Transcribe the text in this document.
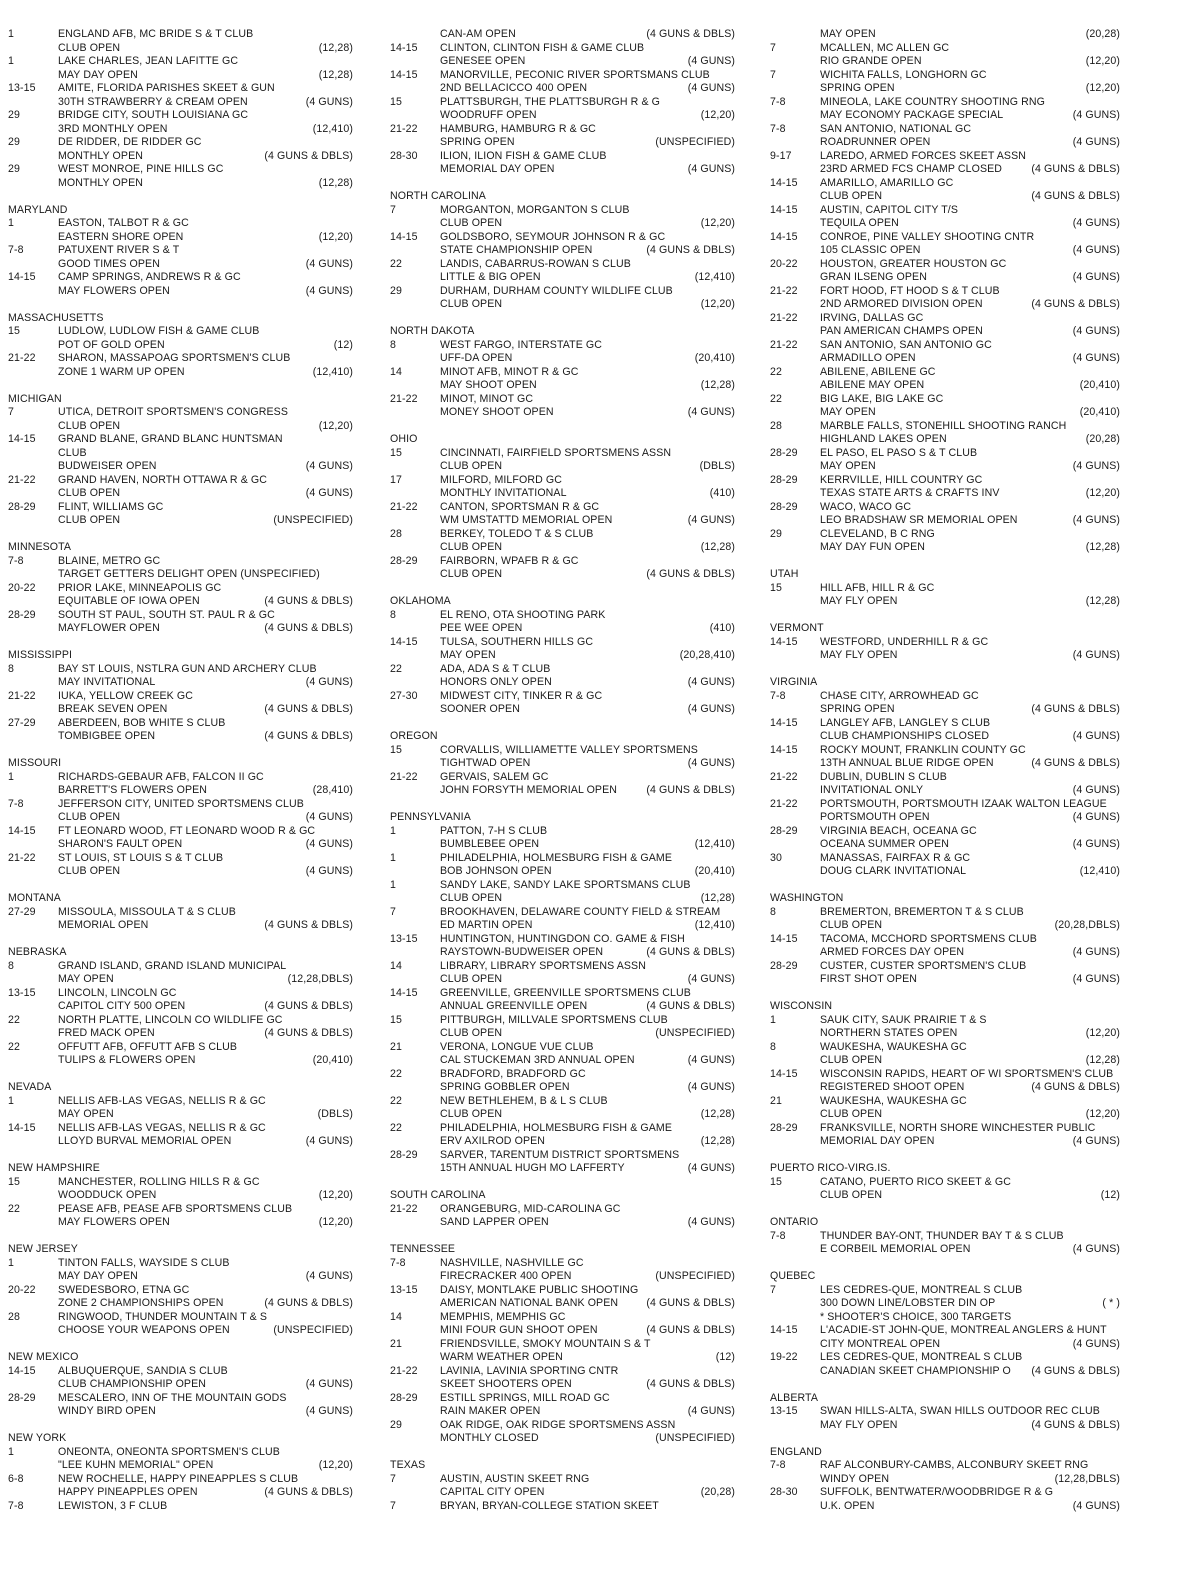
1	ENGLAND AFB, MC BRIDE S & T CLUB
CLUB OPEN	(12,28)
1	LAKE CHARLES, JEAN LAFITTE GC
MAY DAY OPEN	(12,28)
13-15 AMITE, FLORIDA PARISHES SKEET & GUN
30TH STRAWBERRY & CREAM OPEN	(4 GUNS)
29	BRIDGE CITY, SOUTH LOUISIANA GC
3RD MONTHLY OPEN	(12,410)
29	DE RIDDER, DE RIDDER GC
MONTHLY OPEN	(4 GUNS & DBLS)
29	WEST MONROE, PINE HILLS GC
MONTHLY OPEN	(12,28)
MARYLAND
1	EASTON, TALBOT R & GC
EASTERN SHORE OPEN	(12,20)
7-8	PATUXENT RIVER S & T
GOOD TIMES OPEN	(4 GUNS)
14-15 CAMP SPRINGS, ANDREWS R & GC
MAY FLOWERS OPEN	(4 GUNS)
MASSACHUSETTS
15	LUDLOW, LUDLOW FISH & GAME CLUB
POT OF GOLD OPEN	(12)
21-22 SHARON, MASSAPOAG SPORTSMEN'S CLUB
ZONE 1 WARM UP OPEN	(12,410)
MICHIGAN
7	UTICA, DETROIT SPORTSMEN'S CONGRESS
CLUB OPEN	(12,20)
14-15 GRAND BLANE, GRAND BLANC HUNTSMAN
CLUB
BUDWEISER OPEN	(4 GUNS)
21-22 GRAND HAVEN, NORTH OTTAWA R & GC
CLUB OPEN	(4 GUNS)
28-29 FLINT, WILLIAMS GC
CLUB OPEN	(UNSPECIFIED)
MINNESOTA
7-8	BLAINE, METRO GC
TARGET GETTERS DELIGHT OPEN (UNSPECIFIED)
20-22 PRIOR LAKE, MINNEAPOLIS GC
EQUITABLE OF IOWA OPEN	(4 GUNS & DBLS)
28-29 SOUTH ST PAUL, SOUTH ST. PAUL R & GC
MAYFLOWER OPEN	(4 GUNS & DBLS)
MISSISSIPPI
8	BAY ST LOUIS, NSTLRA GUN AND ARCHERY CLUB
MAY INVITATIONAL	(4 GUNS)
21-22 IUKA, YELLOW CREEK GC
BREAK SEVEN OPEN	(4 GUNS & DBLS)
27-29 ABERDEEN, BOB WHITE S CLUB
TOMBIGBEE OPEN	(4 GUNS & DBLS)
MISSOURI
1	RICHARDS-GEBAUR AFB, FALCON II GC
BARRETT'S FLOWERS OPEN	(28,410)
7-8	JEFFERSON CITY, UNITED SPORTSMENS CLUB
CLUB OPEN	(4 GUNS)
14-15 FT LEONARD WOOD, FT LEONARD WOOD R & GC
SHARON'S FAULT OPEN	(4 GUNS)
21-22 ST LOUIS, ST LOUIS S & T CLUB
CLUB OPEN	(4 GUNS)
MONTANA
27-29 MISSOULA, MISSOULA T & S CLUB
MEMORIAL OPEN	(4 GUNS & DBLS)
NEBRASKA
8	GRAND ISLAND, GRAND ISLAND MUNICIPAL
MAY OPEN	(12,28,DBLS)
13-15 LINCOLN, LINCOLN GC
CAPITOL CITY 500 OPEN	(4 GUNS & DBLS)
22	NORTH PLATTE, LINCOLN CO WILDLIFE GC
FRED MACK OPEN	(4 GUNS & DBLS)
22	OFFUTT AFB, OFFUTT AFB S CLUB
TULIPS & FLOWERS OPEN	(20,410)
NEVADA
1	NELLIS AFB-LAS VEGAS, NELLIS R & GC
MAY OPEN	(DBLS)
14-15 NELLIS AFB-LAS VEGAS, NELLIS R & GC
LLOYD BURVAL MEMORIAL OPEN	(4 GUNS)
NEW HAMPSHIRE
15	MANCHESTER, ROLLING HILLS R & GC
WOODDUCK OPEN	(12,20)
22	PEASE AFB, PEASE AFB SPORTSMENS CLUB
MAY FLOWERS OPEN	(12,20)
NEW JERSEY
1	TINTON FALLS, WAYSIDE S CLUB
MAY DAY OPEN	(4 GUNS)
20-22 SWEDESBORO, ETNA GC
ZONE 2 CHAMPIONSHIPS OPEN	(4 GUNS & DBLS)
28	RINGWOOD, THUNDER MOUNTAIN T & S
CHOOSE YOUR WEAPONS OPEN	(UNSPECIFIED)
NEW MEXICO
14-15 ALBUQUERQUE, SANDIA S CLUB
CLUB CHAMPIONSHIP OPEN	(4 GUNS)
28-29 MESCALERO, INN OF THE MOUNTAIN GODS
WINDY BIRD OPEN	(4 GUNS)
NEW YORK
1	ONEONTA, ONEONTA SPORTSMEN'S CLUB
"LEE KUHN MEMORIAL" OPEN	(12,20)
6-8	NEW ROCHELLE, HAPPY PINEAPPLES S CLUB
HAPPY PINEAPPLES OPEN	(4 GUNS & DBLS)
7-8	LEWISTON, 3 F CLUB
CAN-AM OPEN	(4 GUNS & DBLS)
14-15 CLINTON, CLINTON FISH & GAME CLUB
GENESEE OPEN	(4 GUNS)
14-15 MANORVILLE, PECONIC RIVER SPORTSMANS CLUB
2ND BELLACICCO 400 OPEN	(4 GUNS)
15	PLATTSBURGH, THE PLATTSBURGH R & G
WOODRUFF OPEN	(12,20)
21-22 HAMBURG, HAMBURG R & GC
SPRING OPEN	(UNSPECIFIED)
28-30 ILION, ILION FISH & GAME CLUB
MEMORIAL DAY OPEN	(4 GUNS)
NORTH CAROLINA
7	MORGANTON, MORGANTON S CLUB
CLUB OPEN	(12,20)
14-15 GOLDSBORO, SEYMOUR JOHNSON R & GC
STATE CHAMPIONSHIP OPEN	(4 GUNS & DBLS)
22	LANDIS, CABARRUS-ROWAN S CLUB
LITTLE & BIG OPEN	(12,410)
29	DURHAM, DURHAM COUNTY WILDLIFE CLUB
CLUB OPEN	(12,20)
NORTH DAKOTA
8	WEST FARGO, INTERSTATE GC
UFF-DA OPEN	(20,410)
14	MINOT AFB, MINOT R & GC
MAY SHOOT OPEN	(12,28)
21-22 MINOT, MINOT GC
MONEY SHOOT OPEN	(4 GUNS)
OHIO
15	CINCINNATI, FAIRFIELD SPORTSMENS ASSN
CLUB OPEN	(DBLS)
17	MILFORD, MILFORD GC
MONTHLY INVITATIONAL	(410)
21-22 CANTON, SPORTSMAN R & GC
WM UMSTATTD MEMORIAL OPEN	(4 GUNS)
28	BERKEY, TOLEDO T & S CLUB
CLUB OPEN	(12,28)
28-29 FAIRBORN, WPAFB R & GC
CLUB OPEN	(4 GUNS & DBLS)
OKLAHOMA
8	EL RENO, OTA SHOOTING PARK
PEE WEE OPEN	(410)
14-15 TULSA, SOUTHERN HILLS GC
MAY OPEN	(20,28,410)
22	ADA, ADA S & T CLUB
HONORS ONLY OPEN	(4 GUNS)
27-30 MIDWEST CITY, TINKER R & GC
SOONER OPEN	(4 GUNS)
OREGON
15	CORVALLIS, WILLIAMETTE VALLEY SPORTSMENS
TIGHTWAD OPEN	(4 GUNS)
21-22 GERVAIS, SALEM GC
JOHN FORSYTH MEMORIAL OPEN	(4 GUNS & DBLS)
PENNSYLVANIA
1	PATTON, 7-H S CLUB
BUMBLEBEE OPEN	(12,410)
1	PHILADELPHIA, HOLMESBURG FISH & GAME
BOB JOHNSON OPEN	(20,410)
1	SANDY LAKE, SANDY LAKE SPORTSMANS CLUB
CLUB OPEN	(12,28)
7	BROOKHAVEN, DELAWARE COUNTY FIELD & STREAM
ED MARTIN OPEN	(12,410)
13-15 HUNTINGTON, HUNTINGDON CO. GAME & FISH
RAYSTOWN-BUDWEISER OPEN	(4 GUNS & DBLS)
14	LIBRARY, LIBRARY SPORTSMENS ASSN
CLUB OPEN	(4 GUNS)
14-15 GREENVILLE, GREENVILLE SPORTSMENS CLUB
ANNUAL GREENVILLE OPEN	(4 GUNS & DBLS)
15	PITTBURGH, MILLVALE SPORTSMENS CLUB
CLUB OPEN	(UNSPECIFIED)
21	VERONA, LONGUE VUE CLUB
CAL STUCKEMAN 3RD ANNUAL OPEN	(4 GUNS)
22	BRADFORD, BRADFORD GC
SPRING GOBBLER OPEN	(4 GUNS)
22	NEW BETHLEHEM, B & L S CLUB
CLUB OPEN	(12,28)
22	PHILADELPHIA, HOLMESBURG FISH & GAME
ERV AXILROD OPEN	(12,28)
28-29 SARVER, TARENTUM DISTRICT SPORTSMENS
15TH ANNUAL HUGH MO LAFFERTY	(4 GUNS)
SOUTH CAROLINA
21-22 ORANGEBURG, MID-CAROLINA GC
SAND LAPPER OPEN	(4 GUNS)
TENNESSEE
7-8	NASHVILLE, NASHVILLE GC
FIRECRACKER 400 OPEN	(UNSPECIFIED)
13-15 DAISY, MONTLAKE PUBLIC SHOOTING
AMERICAN NATIONAL BANK OPEN	(4 GUNS & DBLS)
14	MEMPHIS, MEMPHIS GC
MINI FOUR GUN SHOOT OPEN	(4 GUNS & DBLS)
21	FRIENDSVILLE, SMOKY MOUNTAIN S & T
WARM WEATHER OPEN	(12)
21-22 LAVINIA, LAVINIA SPORTING CNTR
SKEET SHOOTERS OPEN	(4 GUNS & DBLS)
28-29 ESTILL SPRINGS, MILL ROAD GC
RAIN MAKER OPEN	(4 GUNS)
29	OAK RIDGE, OAK RIDGE SPORTSMENS ASSN
MONTHLY CLOSED	(UNSPECIFIED)
TEXAS
7	AUSTIN, AUSTIN SKEET RNG
CAPITAL CITY OPEN	(20,28)
7	BRYAN, BRYAN-COLLEGE STATION SKEET
MAY OPEN	(20,28)
7	MCALLEN, MC ALLEN GC
RIO GRANDE OPEN	(12,20)
7	WICHITA FALLS, LONGHORN GC
SPRING OPEN	(12,20)
7-8	MINEOLA, LAKE COUNTRY SHOOTING RNG
MAY ECONOMY PACKAGE SPECIAL	(4 GUNS)
7-8	SAN ANTONIO, NATIONAL GC
ROADRUNNER OPEN	(4 GUNS)
9-17	LAREDO, ARMED FORCES SKEET ASSN
23RD ARMED FCS CHAMP CLOSED	(4 GUNS & DBLS)
14-15 AMARILLO, AMARILLO GC
CLUB OPEN	(4 GUNS & DBLS)
14-15 AUSTIN, CAPITOL CITY T/S
TEQUILA OPEN	(4 GUNS)
14-15 CONROE, PINE VALLEY SHOOTING CNTR
105 CLASSIC OPEN	(4 GUNS)
20-22 HOUSTON, GREATER HOUSTON GC
GRAN ILSENG OPEN	(4 GUNS)
21-22 FORT HOOD, FT HOOD S & T CLUB
2ND ARMORED DIVISION OPEN	(4 GUNS & DBLS)
21-22 IRVING, DALLAS GC
PAN AMERICAN CHAMPS OPEN	(4 GUNS)
21-22 SAN ANTONIO, SAN ANTONIO GC
ARMADILLO OPEN	(4 GUNS)
22	ABILENE, ABILENE GC
ABILENE MAY OPEN	(20,410)
22	BIG LAKE, BIG LAKE GC
MAY OPEN	(20,410)
28	MARBLE FALLS, STONEHILL SHOOTING RANCH
HIGHLAND LAKES OPEN	(20,28)
28-29 EL PASO, EL PASO S & T CLUB
MAY OPEN	(4 GUNS)
28-29 KERRVILLE, HILL COUNTRY GC
TEXAS STATE ARTS & CRAFTS INV	(12,20)
28-29 WACO, WACO GC
LEO BRADSHAW SR MEMORIAL OPEN	(4 GUNS)
29	CLEVELAND, B C RNG
MAY DAY FUN OPEN	(12,28)
UTAH
15	HILL AFB, HILL R & GC
MAY FLY OPEN	(12,28)
VERMONT
14-15 WESTFORD, UNDERHILL R & GC
MAY FLY OPEN	(4 GUNS)
VIRGINIA
7-8	CHASE CITY, ARROWHEAD GC
SPRING OPEN	(4 GUNS & DBLS)
14-15 LANGLEY AFB, LANGLEY S CLUB
CLUB CHAMPIONSHIPS CLOSED	(4 GUNS)
14-15 ROCKY MOUNT, FRANKLIN COUNTY GC
13TH ANNUAL BLUE RIDGE OPEN	(4 GUNS & DBLS)
21-22 DUBLIN, DUBLIN S CLUB
INVITATIONAL ONLY	(4 GUNS)
21-22 PORTSMOUTH, PORTSMOUTH IZAAK WALTON LEAGUE
PORTSMOUTH OPEN	(4 GUNS)
28-29 VIRGINIA BEACH, OCEANA GC
OCEANA SUMMER OPEN	(4 GUNS)
30	MANASSAS, FAIRFAX R & GC
DOUG CLARK INVITATIONAL	(12,410)
WASHINGTON
8	BREMERTON, BREMERTON T & S CLUB
CLUB OPEN	(20,28,DBLS)
14-15 TACOMA, MCCHORD SPORTSMENS CLUB
ARMED FORCES DAY OPEN	(4 GUNS)
28-29 CUSTER, CUSTER SPORTSMEN'S CLUB
FIRST SHOT OPEN	(4 GUNS)
WISCONSIN
1	SAUK CITY, SAUK PRAIRIE T & S
NORTHERN STATES OPEN	(12,20)
8	WAUKESHA, WAUKESHA GC
CLUB OPEN	(12,28)
14-15 WISCONSIN RAPIDS, HEART OF WI SPORTSMEN'S CLUB
REGISTERED SHOOT OPEN	(4 GUNS & DBLS)
21	WAUKESHA, WAUKESHA GC
CLUB OPEN	(12,20)
28-29 FRANKSVILLE, NORTH SHORE WINCHESTER PUBLIC
MEMORIAL DAY OPEN	(4 GUNS)
PUERTO RICO-VIRG.IS.
15	CATANO, PUERTO RICO SKEET & GC
CLUB OPEN	(12)
ONTARIO
7-8	THUNDER BAY-ONT, THUNDER BAY T & S CLUB
E CORBEIL MEMORIAL OPEN	(4 GUNS)
QUEBEC
7	LES CEDRES-QUE, MONTREAL S CLUB
300 DOWN LINE/LOBSTER DIN OP	( * )
* SHOOTER'S CHOICE, 300 TARGETS
14-15 L'ACADIE-ST JOHN-QUE, MONTREAL ANGLERS & HUNT
CITY MONTREAL OPEN	(4 GUNS)
19-22 LES CEDRES-QUE, MONTREAL S CLUB
CANADIAN SKEET CHAMPIONSHIP O (4 GUNS & DBLS)
ALBERTA
13-15 SWAN HILLS-ALTA, SWAN HILLS OUTDOOR REC CLUB
MAY FLY OPEN	(4 GUNS & DBLS)
ENGLAND
7-8	RAF ALCONBURY-CAMBS, ALCONBURY SKEET RNG
WINDY OPEN	(12,28,DBLS)
28-30 SUFFOLK, BENTWATER/WOODBRIDGE R & G
U.K. OPEN	(4 GUNS)
